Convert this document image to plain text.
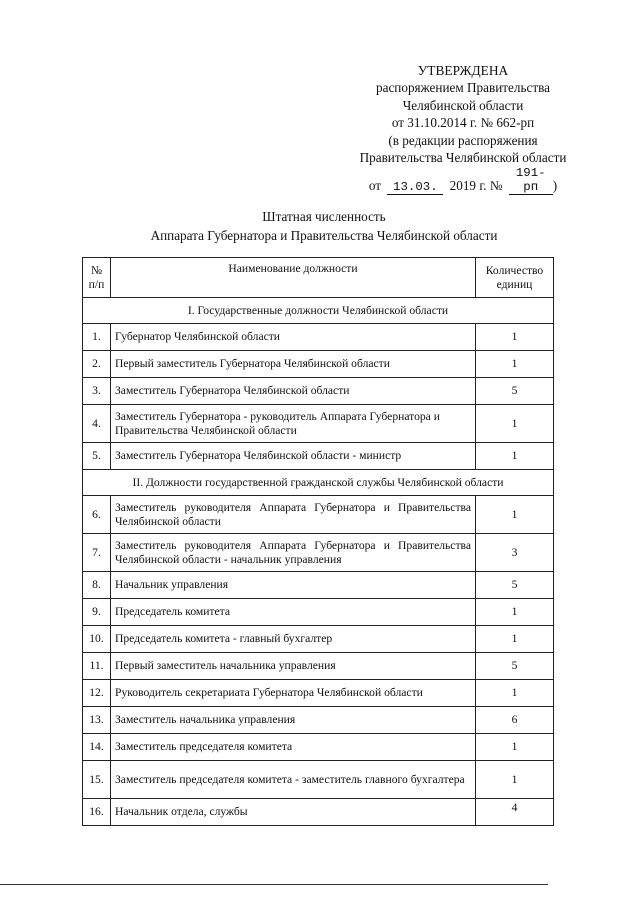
УТВЕРЖДЕНА
распоряжением Правительства
Челябинской области
от 31.10.2014 г. № 662-рп
(в редакции распоряжения
Правительства Челябинской области
от 13.03. 2019 г. № 191-рп )
Штатная численность
Аппарата Губернатора и Правительства Челябинской области
№ п/п	Наименование должности	Количество единиц
I. Государственные должности Челябинской области		
1.	Губернатор Челябинской области	1
2.	Первый заместитель Губернатора Челябинской области	1
3.	Заместитель Губернатора Челябинской области	5
4.	Заместитель Губернатора - руководитель Аппарата Губернатора и Правительства Челябинской области	1
5.	Заместитель Губернатора Челябинской области - министр	1
II. Должности государственной гражданской службы Челябинской области		
6.	Заместитель руководителя Аппарата Губернатора и Правительства Челябинской области	1
7.	Заместитель руководителя Аппарата Губернатора и Правительства Челябинской области - начальник управления	3
8.	Начальник управления	5
9.	Председатель комитета	1
10.	Председатель комитета - главный бухгалтер	1
11.	Первый заместитель начальника управления	5
12.	Руководитель секретариата Губернатора Челябинской области	1
13.	Заместитель начальника управления	6
14.	Заместитель председателя комитета	1
15.	Заместитель председателя комитета - заместитель главного бухгалтера	1
16.	Начальник отдела, службы	4
